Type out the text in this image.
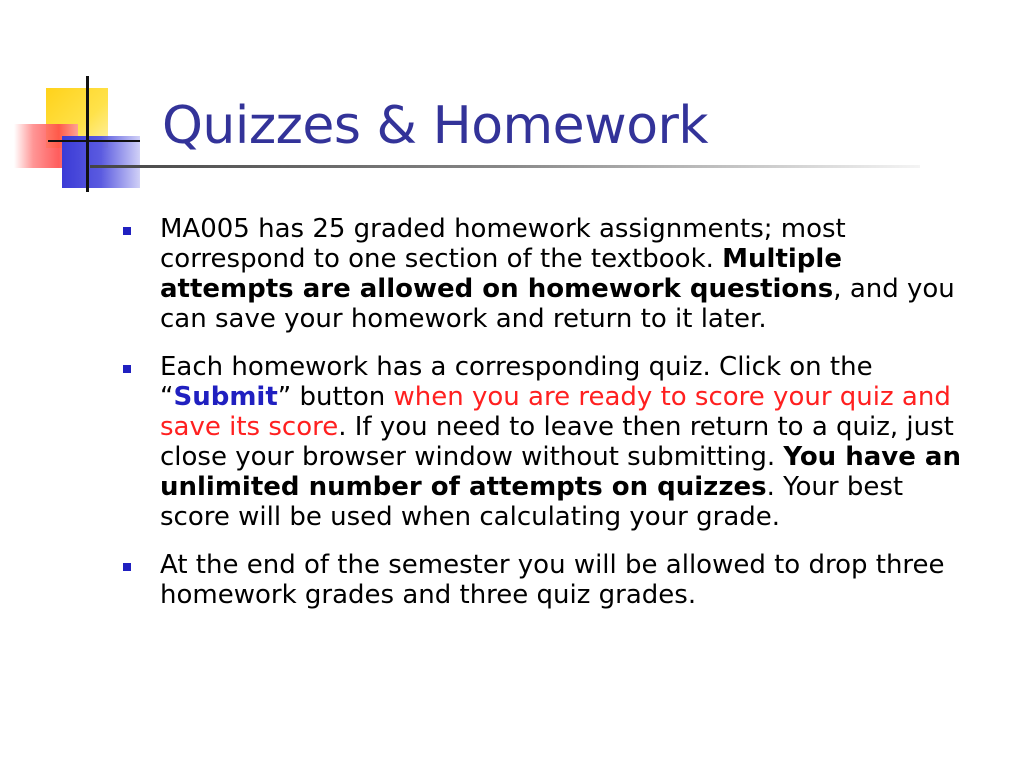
Quizzes & Homework
MA005 has 25 graded homework assignments; most correspond to one section of the textbook. Multiple attempts are allowed on homework questions, and you can save your homework and return to it later.
Each homework has a corresponding quiz. Click on the “Submit” button when you are ready to score your quiz and save its score. If you need to leave then return to a quiz, just close your browser window without submitting. You have an unlimited number of attempts on quizzes. Your best score will be used when calculating your grade.
At the end of the semester you will be allowed to drop three homework grades and three quiz grades.
